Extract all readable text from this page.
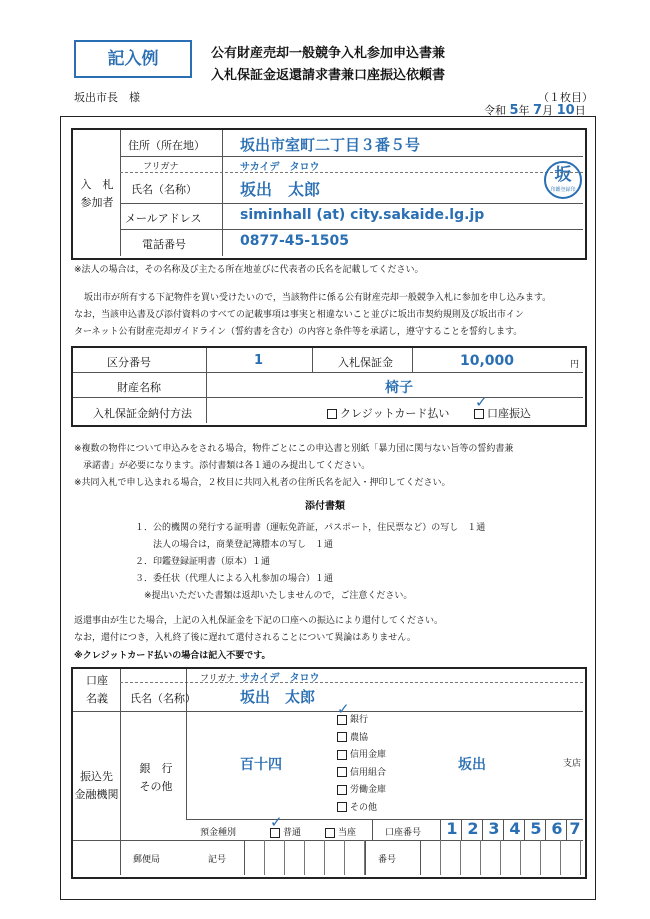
記入例	公有財産売却一般競争入札参加申込書兼
入札保証金返還請求書兼口座振込依頼書
坂出市長　様	（１枚目）
令和 5年 7月 10日
入　札
参加者
住所（所在地） 坂出市室町二丁目３番５号
フリガナ	サカイデ　タロウ
氏名（名称）	坂出　太郎
坂
印鑑登録印
メールアドレス	siminhall (at) city.sakaide.lg.jp
電話番号	0877-45-1505
※法人の場合は，その名称及び主たる所在地並びに代表者の氏名を記載してください。
坂出市が所有する下記物件を買い受けたいので，当該物件に係る公有財産売却一般競争入札に参加を申し込みます。
なお，当該申込書及び添付資料のすべての記載事項は事実と相違ないこと並びに坂出市契約規則及び坂出市イン
ターネット公有財産売却ガイドライン（誓約書を含む）の内容と条件等を承諾し，遵守することを誓約します。
区分番号	1	入札保証金	10,000	円
財産名称	椅子
入札保証金納付方法	クレジットカード払い	口座振込
✓
※複数の物件について申込みをされる場合，物件ごとにこの申込書と別紙「暴力団に関与ない旨等の誓約書兼
　承諾書」が必要になります。添付書類は各１通のみ提出してください。
※共同入札で申し込まれる場合，２枚目に共同入札者の住所氏名を記入・押印してください。
添付書類
１．公的機関の発行する証明書（運転免許証，パスポート，住民票など）の写し　１通
　　法人の場合は，商業登記簿謄本の写し　１通
２．印鑑登録証明書（原本）１通
３．委任状（代理人による入札参加の場合）１通
　※提出いただいた書類は返却いたしませんので，ご注意ください。
返還事由が生じた場合，上記の入札保証金を下記の口座への振込により還付してください。
なお，還付につき，入札終了後に遅れて還付されることについて異論はありません。
※クレジットカード払いの場合は記入不要です。
口座
名義
フリガナ サカイデ　タロウ
氏名（名称）	坂出　太郎
振込先
金融機関
銀　行
その他
百十四	坂出	支店
銀行
農協
信用金庫
信用組合
労働金庫
その他
✓
預金種別	普通
✓
当座	口座番号 1 2 3 4 5 6 7
郵便局	記号	番号
